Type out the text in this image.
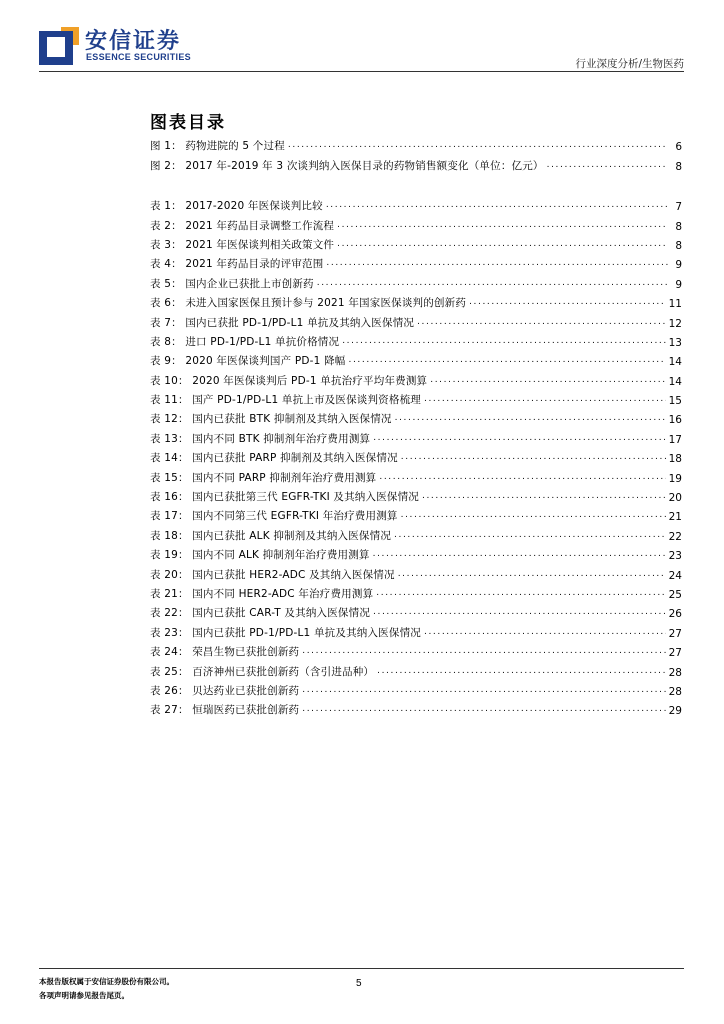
安信证券
ESSENCE SECURITIES
行业深度分析/生物医药
图表目录
图 1： 药物进院的 5 个过程 .....	6
图 2： 2017 年-2019 年 3 次谈判纳入医保目录的药物销售额变化（单位：亿元） .....	8
表 1： 2017-2020 年医保谈判比较 .....	7
表 2： 2021 年药品目录调整工作流程 .....	8
表 3： 2021 年医保谈判相关政策文件 .....	8
表 4： 2021 年药品目录的评审范围 .....	9
表 5： 国内企业已获批上市创新药 .....	9
表 6： 未进入国家医保且预计参与 2021 年国家医保谈判的创新药 .....	11
表 7： 国内已获批 PD-1/PD-L1 单抗及其纳入医保情况 .....	12
表 8： 进口 PD-1/PD-L1 单抗价格情况 .....	13
表 9： 2020 年医保谈判国产 PD-1 降幅 .....	14
表 10： 2020 年医保谈判后 PD-1 单抗治疗平均年费测算 .....	14
表 11： 国产 PD-1/PD-L1 单抗上市及医保谈判资格梳理 .....	15
表 12： 国内已获批 BTK 抑制剂及其纳入医保情况 .....	16
表 13： 国内不同 BTK 抑制剂年治疗费用测算 .....	17
表 14： 国内已获批 PARP 抑制剂及其纳入医保情况 .....	18
表 15： 国内不同 PARP 抑制剂年治疗费用测算 .....	19
表 16： 国内已获批第三代 EGFR-TKI 及其纳入医保情况 .....	20
表 17： 国内不同第三代 EGFR-TKI 年治疗费用测算 .....	21
表 18： 国内已获批 ALK 抑制剂及其纳入医保情况 .....	22
表 19： 国内不同 ALK 抑制剂年治疗费用测算 .....	23
表 20： 国内已获批 HER2-ADC 及其纳入医保情况 .....	24
表 21： 国内不同 HER2-ADC 年治疗费用测算 .....	25
表 22： 国内已获批 CAR-T 及其纳入医保情况 .....	26
表 23： 国内已获批 PD-1/PD-L1 单抗及其纳入医保情况 .....	27
表 24： 荣昌生物已获批创新药 .....	27
表 25： 百济神州已获批创新药（含引进品种） .....	28
表 26： 贝达药业已获批创新药 .....	28
表 27： 恒瑞医药已获批创新药 .....	29
本报告版权属于安信证券股份有限公司。
各项声明请参见报告尾页。
5
